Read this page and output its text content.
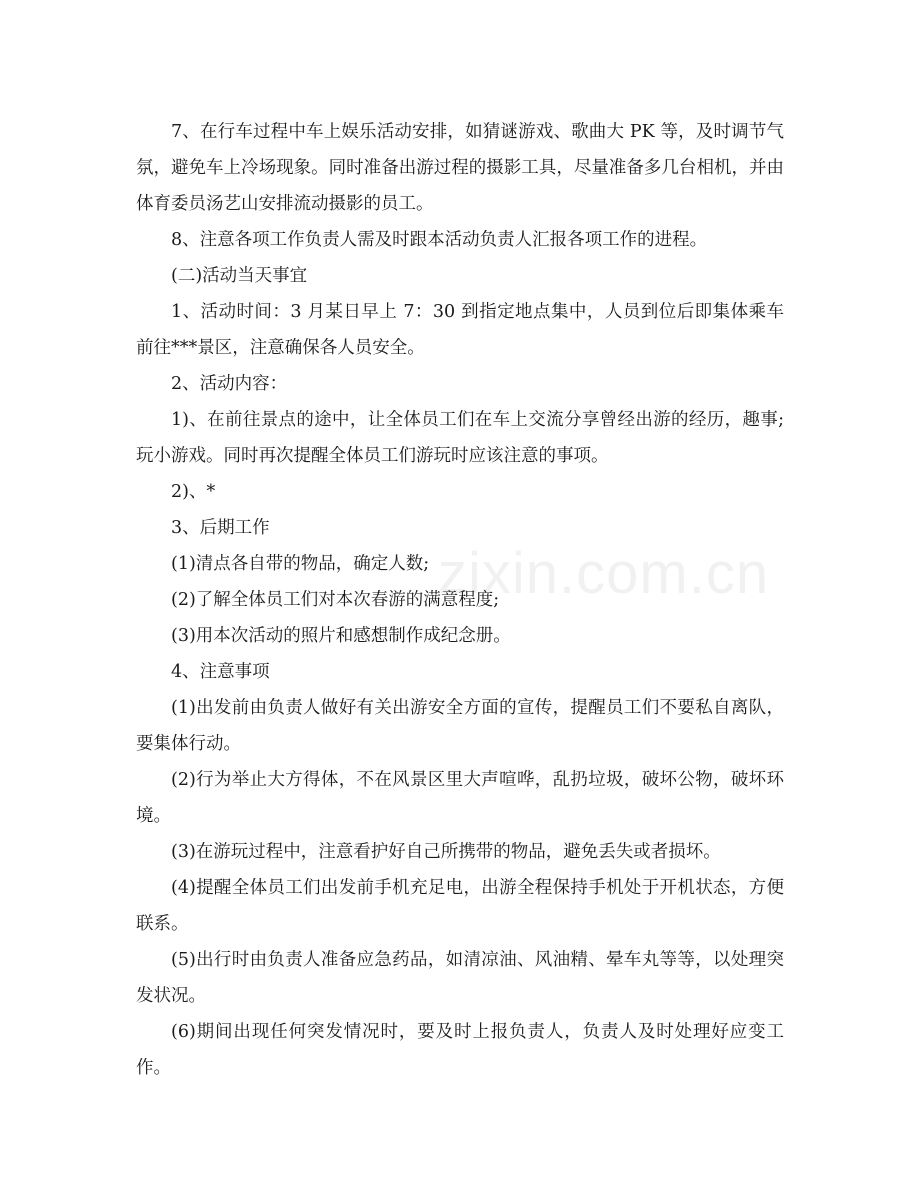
7、在行车过程中车上娱乐活动安排，如猜谜游戏、歌曲大 PK 等，及时调节气氛，避免车上冷场现象。同时准备出游过程的摄影工具，尽量准备多几台相机，并由体育委员汤艺山安排流动摄影的员工。

8、注意各项工作负责人需及时跟本活动负责人汇报各项工作的进程。

(二)活动当天事宜

1、活动时间：3 月某日早上 7：30 到指定地点集中，人员到位后即集体乘车前往***景区，注意确保各人员安全。

2、活动内容：

1)、在前往景点的途中，让全体员工们在车上交流分享曾经出游的经历，趣事;玩小游戏。同时再次提醒全体员工们游玩时应该注意的事项。

2)、*

3、后期工作

(1)清点各自带的物品，确定人数;

(2)了解全体员工们对本次春游的满意程度;

(3)用本次活动的照片和感想制作成纪念册。

4、注意事项

(1)出发前由负责人做好有关出游安全方面的宣传，提醒员工们不要私自离队，要集体行动。

(2)行为举止大方得体，不在风景区里大声喧哗，乱扔垃圾，破坏公物，破坏环境。

(3)在游玩过程中，注意看护好自己所携带的物品，避免丢失或者损坏。

(4)提醒全体员工们出发前手机充足电，出游全程保持手机处于开机状态，方便联系。

(5)出行时由负责人准备应急药品，如清凉油、风油精、晕车丸等等，以处理突发状况。

(6)期间出现任何突发情况时，要及时上报负责人，负责人及时处理好应变工作。

zixin.com.cn
